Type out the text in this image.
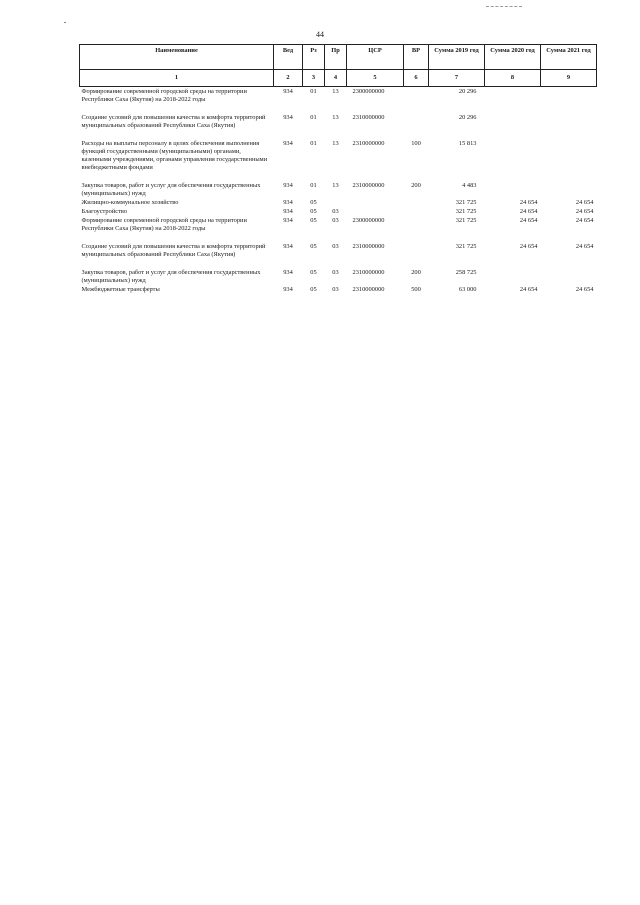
44
Наименование	Вед	Рз	Пр	ЦСР	ВР	Сумма 2019 год	Сумма 2020 год	Сумма 2021 год
1	2	3	4	5	6	7	8	9
Формирование современной городской среды на территории Республики Саха (Якутия) на 2018-2022 годы	934	01	13	2300000000		20 296		

Создание условий для повышения качества и комфорта территорий муниципальных образований Республики Саха (Якутия)	934	01	13	2310000000		20 296		

Расходы на выплаты персоналу в целях обеспечения выполнения функций государственными (муниципальными) органами, казенными учреждениями, органами управления государственными внебюджетными фондами	934	01	13	2310000000	100	15 813		

Закупка товаров, работ и услуг для обеспечения государственных (муниципальных) нужд	934	01	13	2310000000	200	4 483		
Жилищно-коммунальное хозяйство	934	05				321 725	24 654	24 654
Благоустройство	934	05	03			321 725	24 654	24 654
Формирование современной городской среды на территории Республики Саха (Якутия) на 2018-2022 годы	934	05	03	2300000000		321 725	24 654	24 654

Создание условий для повышения качества и комфорта территорий муниципальных образований Республики Саха (Якутия)	934	05	03	2310000000		321 725	24 654	24 654

Закупка товаров, работ и услуг для обеспечения государственных (муниципальных) нужд	934	05	03	2310000000	200	258 725		
Межбюджетные трансферты	934	05	03	2310000000	500	63 000	24 654	24 654
